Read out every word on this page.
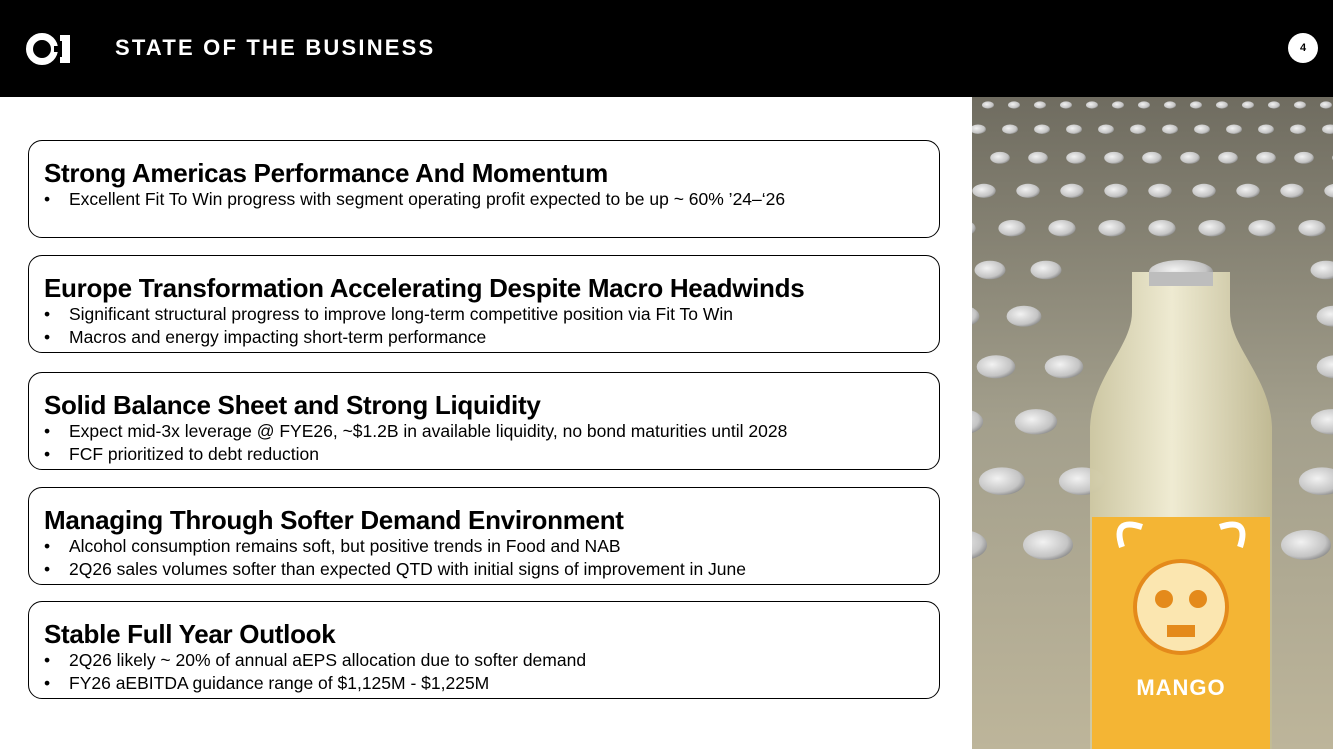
STATE OF THE BUSINESS	4
Strong Americas Performance And Momentum
• Excellent Fit To Win progress with segment operating profit expected to be up ~ 60% ’24–‘26
Europe Transformation Accelerating Despite Macro Headwinds
• Significant structural progress to improve long-term competitive position via Fit To Win
• Macros and energy impacting short-term performance
Solid Balance Sheet and Strong Liquidity
• Expect mid-3x leverage @ FYE26, ~$1.2B in available liquidity, no bond maturities until 2028
• FCF prioritized to debt reduction
Managing Through Softer Demand Environment
• Alcohol consumption remains soft, but positive trends in Food and NAB
• 2Q26 sales volumes softer than expected QTD with initial signs of improvement in June
Stable Full Year Outlook
• 2Q26 likely ~ 20% of annual aEPS allocation due to softer demand
• FY26 aEBITDA guidance range of $1,125M - $1,225M	MANGO
